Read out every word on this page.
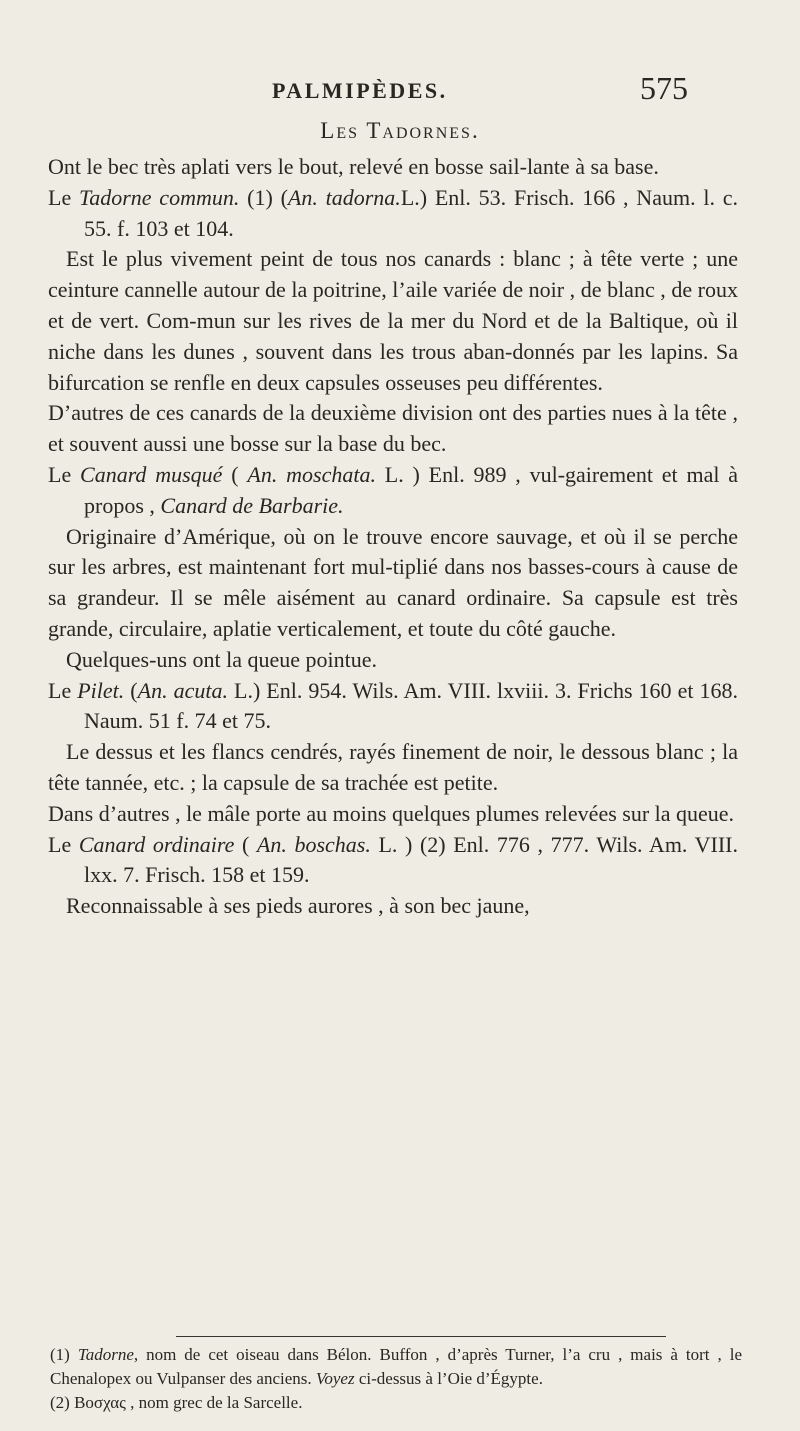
PALMIPÈDES.	575
Les Tadornes.

Ont le bec très aplati vers le bout, relevé en bosse sail-lante à sa base.

Le Tadorne commun. (1) (An. tadorna.L.) Enl. 53. Frisch. 166 , Naum. l. c. 55. f. 103 et 104.

Est le plus vivement peint de tous nos canards : blanc ; à tête verte ; une ceinture cannelle autour de la poitrine, l’aile variée de noir , de blanc , de roux et de vert. Com-mun sur les rives de la mer du Nord et de la Baltique, où il niche dans les dunes , souvent dans les trous aban-donnés par les lapins. Sa bifurcation se renfle en deux capsules osseuses peu différentes.

D’autres de ces canards de la deuxième division ont des parties nues à la tête , et souvent aussi une bosse sur la base du bec.

Le Canard musqué ( An. moschata. L. ) Enl. 989 , vul-gairement et mal à propos , Canard de Barbarie.

Originaire d’Amérique, où on le trouve encore sauvage, et où il se perche sur les arbres, est maintenant fort mul-tiplié dans nos basses-cours à cause de sa grandeur. Il se mêle aisément au canard ordinaire. Sa capsule est très grande, circulaire, aplatie verticalement, et toute du côté gauche.

Quelques-uns ont la queue pointue.

Le Pilet. (An. acuta. L.) Enl. 954. Wils. Am. VIII. lxviii. 3. Frichs 160 et 168. Naum. 51 f. 74 et 75.

Le dessus et les flancs cendrés, rayés finement de noir, le dessous blanc ; la tête tannée, etc. ; la capsule de sa trachée est petite.

Dans d’autres , le mâle porte au moins quelques plumes relevées sur la queue.

Le Canard ordinaire ( An. boschas. L. ) (2) Enl. 776 , 777. Wils. Am. VIII. lxx. 7. Frisch. 158 et 159.

Reconnaissable à ses pieds aurores , à son bec jaune,

(1) Tadorne, nom de cet oiseau dans Bélon. Buffon , d’après Turner, l’a cru , mais à tort , le Chenalopex ou Vulpanser des anciens. Voyez ci-dessus à l’Oie d’Égypte.

(2) Βοσχας , nom grec de la Sarcelle.
